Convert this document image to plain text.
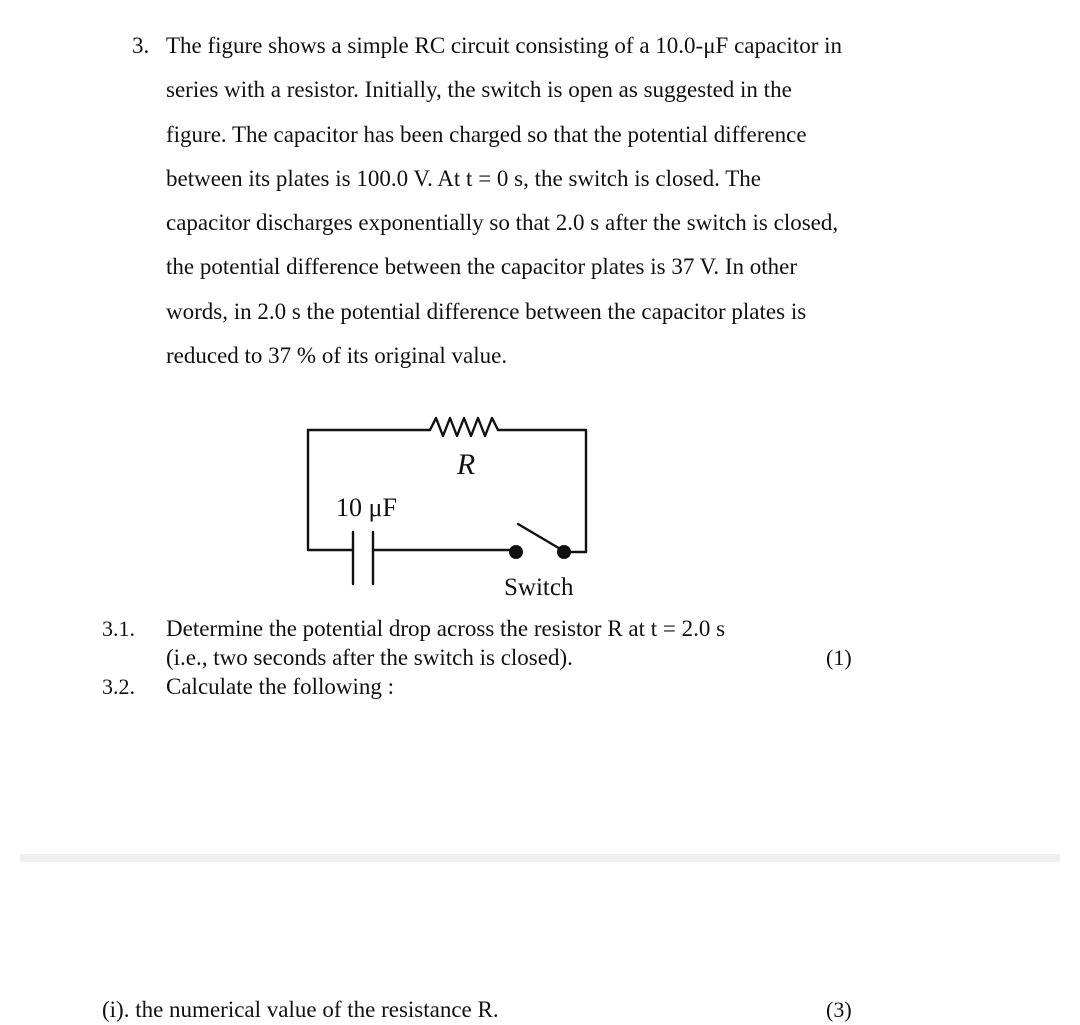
3. The figure shows a simple RC circuit consisting of a 10.0-μF capacitor in
series with a resistor. Initially, the switch is open as suggested in the
figure. The capacitor has been charged so that the potential difference
between its plates is 100.0 V. At t = 0 s, the switch is closed. The
capacitor discharges exponentially so that 2.0 s after the switch is closed,
the potential difference between the capacitor plates is 37 V. In other
words, in 2.0 s the potential difference between the capacitor plates is
reduced to 37 % of its original value.
R
10 μF
Switch
3.1. Determine the potential drop across the resistor R at t = 2.0 s
(i.e., two seconds after the switch is closed).	(1)
3.2. Calculate the following :
(i). the numerical value of the resistance R.	(3)
